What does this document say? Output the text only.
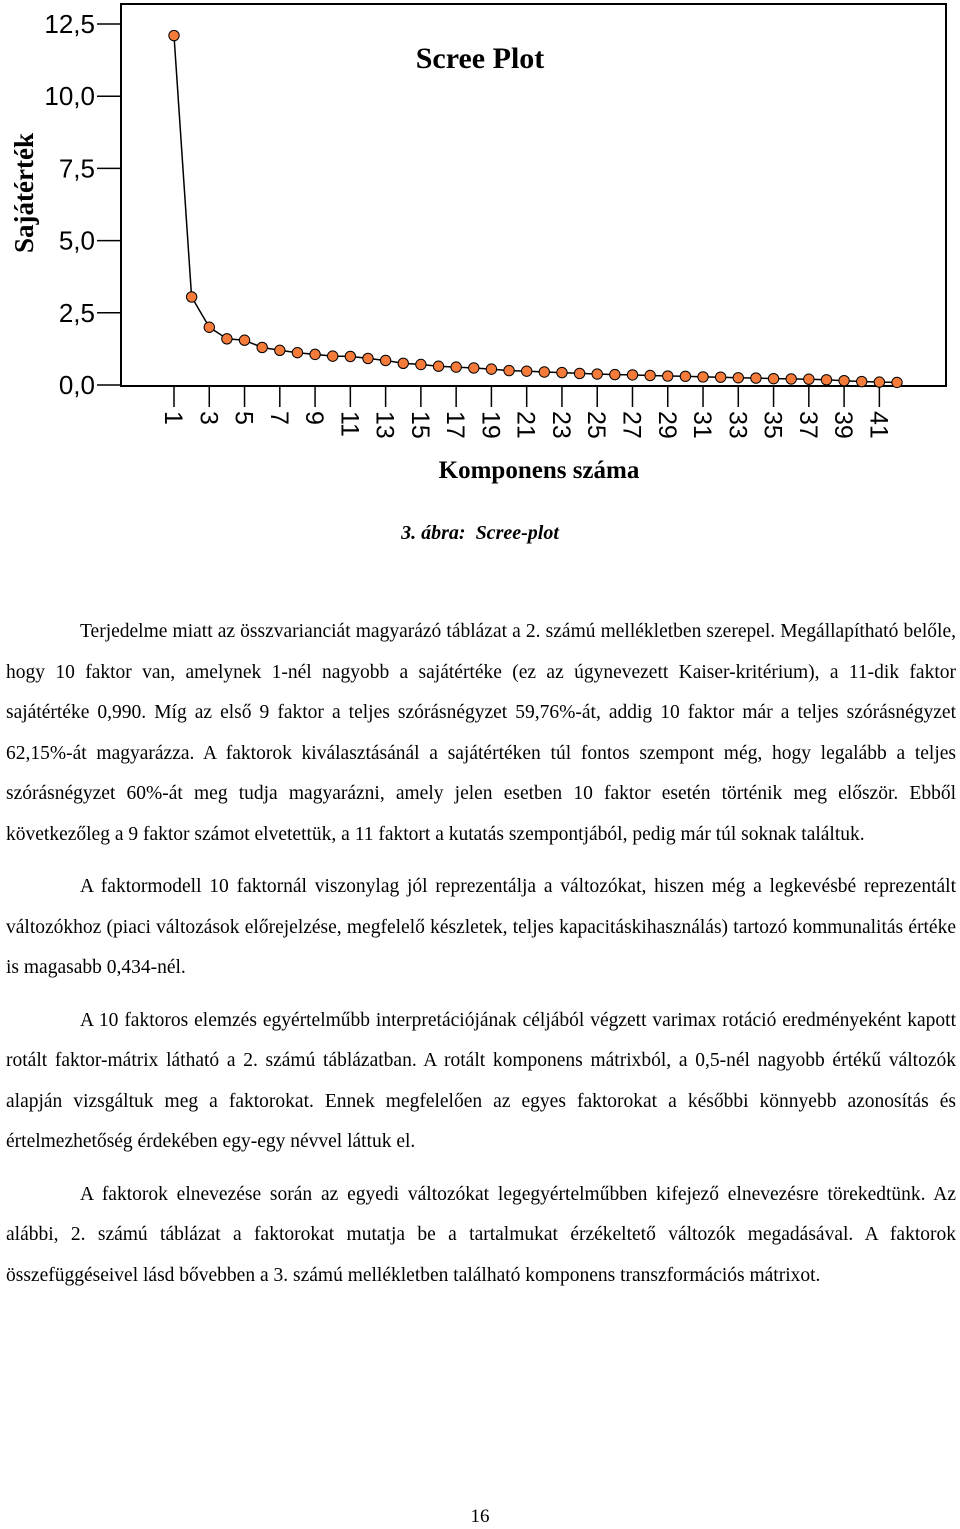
Scree Plot
Sajátérték
0,0
2,5
5,0
7,5
10,0
12,5
1 3 5 7 9 11 13 15 17 19 21 23 25 27 29 31 33 35 37 39 41
Komponens száma
3. ábra: Scree-plot

Terjedelme miatt az összvarianciát magyarázó táblázat a 2. számú mellékletben szerepel. Megállapítható belőle, hogy 10 faktor van, amelynek 1-nél nagyobb a sajátértéke (ez az úgynevezett Kaiser-kritérium), a 11-dik faktor sajátértéke 0,990. Míg az első 9 faktor a teljes szórásnégyzet 59,76%-át, addig 10 faktor már a teljes szórásnégyzet 62,15%-át magyarázza. A faktorok kiválasztásánál a sajátértéken túl fontos szempont még, hogy legalább a teljes szórásnégyzet 60%-át meg tudja magyarázni, amely jelen esetben 10 faktor esetén történik meg először. Ebből következőleg a 9 faktor számot elvetettük, a 11 faktort a kutatás szempontjából, pedig már túl soknak találtuk.

A faktormodell 10 faktornál viszonylag jól reprezentálja a változókat, hiszen még a legkevésbé reprezentált változókhoz (piaci változások előrejelzése, megfelelő készletek, teljes kapacitáskihasználás) tartozó kommunalitás értéke is magasabb 0,434-nél.

A 10 faktoros elemzés egyértelműbb interpretációjának céljából végzett varimax rotáció eredményeként kapott rotált faktor-mátrix látható a 2. számú táblázatban. A rotált komponens mátrixból, a 0,5-nél nagyobb értékű változók alapján vizsgáltuk meg a faktorokat. Ennek megfelelően az egyes faktorokat a későbbi könnyebb azonosítás és értelmezhetőség érdekében egy-egy névvel láttuk el.

A faktorok elnevezése során az egyedi változókat legegyértelműbben kifejező elnevezésre törekedtünk. Az alábbi, 2. számú táblázat a faktorokat mutatja be a tartalmukat érzékeltető változók megadásával. A faktorok összefüggéseivel lásd bővebben a 3. számú mellékletben található komponens transzformációs mátrixot.

16
